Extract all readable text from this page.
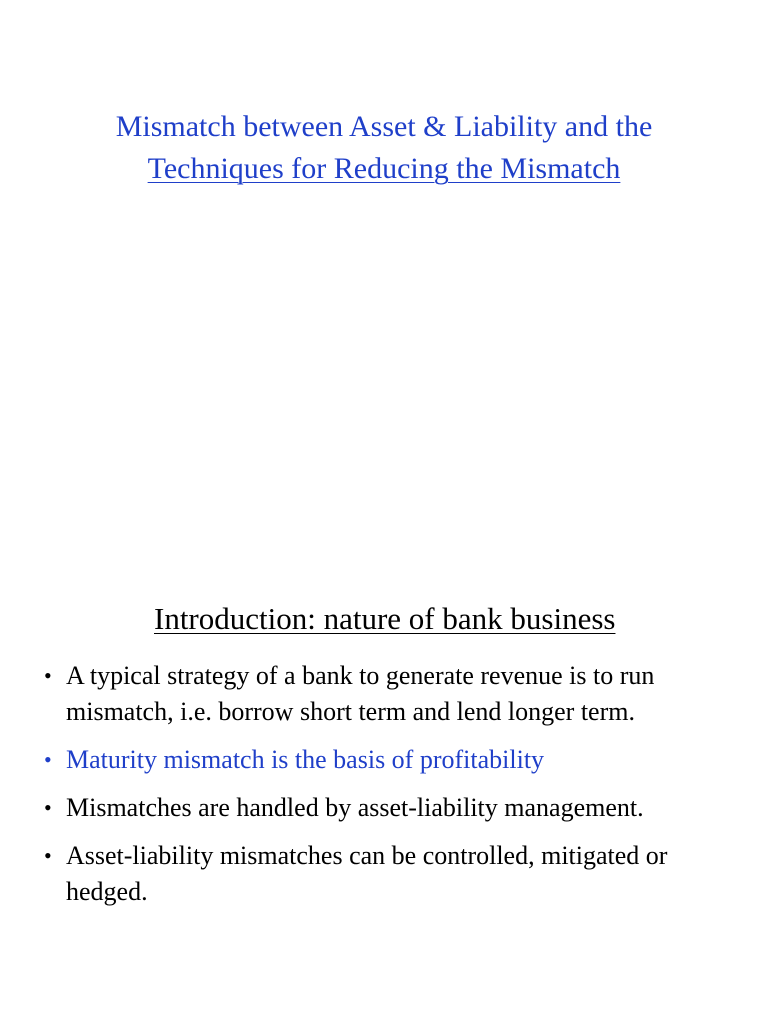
Mismatch between Asset & Liability and the
Techniques for Reducing the Mismatch
Introduction: nature of bank business
• A typical strategy of a bank to generate revenue is to run mismatch, i.e. borrow short term and lend longer term.
• Maturity mismatch is the basis of profitability
• Mismatches are handled by asset-liability management.
• Asset-liability mismatches can be controlled, mitigated or hedged.
